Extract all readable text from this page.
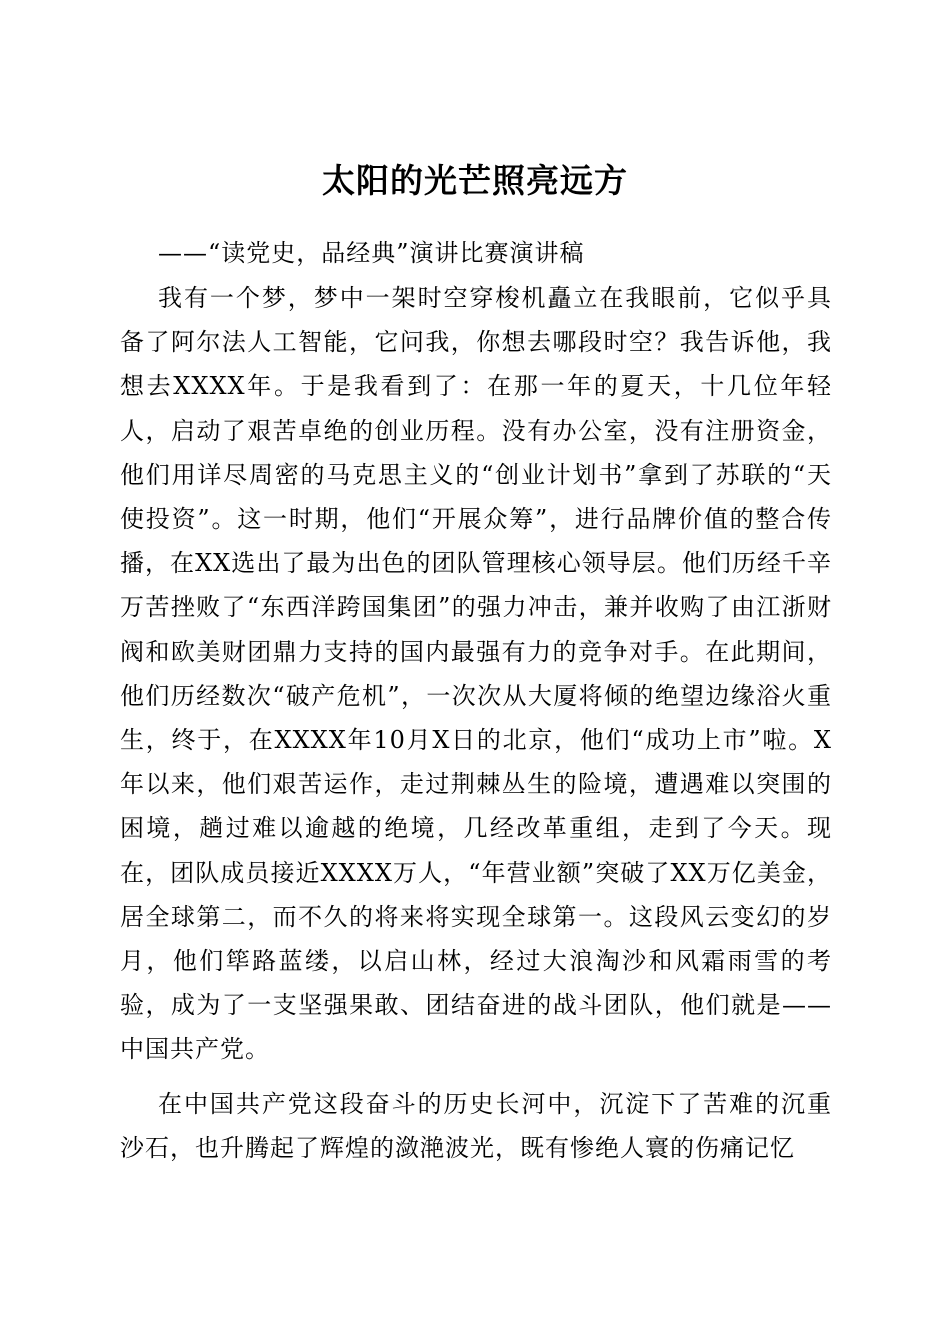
太阳的光芒照亮远方
——“读党史，品经典”演讲比赛演讲稿

我有一个梦，梦中一架时空穿梭机矗立在我眼前，它似乎具备了阿尔法人工智能，它问我，你想去哪段时空？我告诉他，我想去XXXX年。于是我看到了：在那一年的夏天，十几位年轻人，启动了艰苦卓绝的创业历程。没有办公室，没有注册资金，他们用详尽周密的马克思主义的“创业计划书”拿到了苏联的“天使投资”。这一时期，他们“开展众筹”，进行品牌价值的整合传播，在XX选出了最为出色的团队管理核心领导层。他们历经千辛万苦挫败了“东西洋跨国集团”的强力冲击，兼并收购了由江浙财阀和欧美财团鼎力支持的国内最强有力的竞争对手。在此期间，他们历经数次“破产危机”，一次次从大厦将倾的绝望边缘浴火重生，终于，在XXXX年10月X日的北京，他们“成功上市”啦。X年以来，他们艰苦运作，走过荆棘丛生的险境，遭遇难以突围的困境，趟过难以逾越的绝境，几经改革重组，走到了今天。现在，团队成员接近XXXX万人，“年营业额”突破了XX万亿美金，居全球第二，而不久的将来将实现全球第一。这段风云变幻的岁月，他们筚路蓝缕，以启山林，经过大浪淘沙和风霜雨雪的考验，成为了一支坚强果敢、团结奋进的战斗团队，他们就是——中国共产党。

在中国共产党这段奋斗的历史长河中，沉淀下了苦难的沉重沙石，也升腾起了辉煌的潋滟波光，既有惨绝人寰的伤痛记忆
